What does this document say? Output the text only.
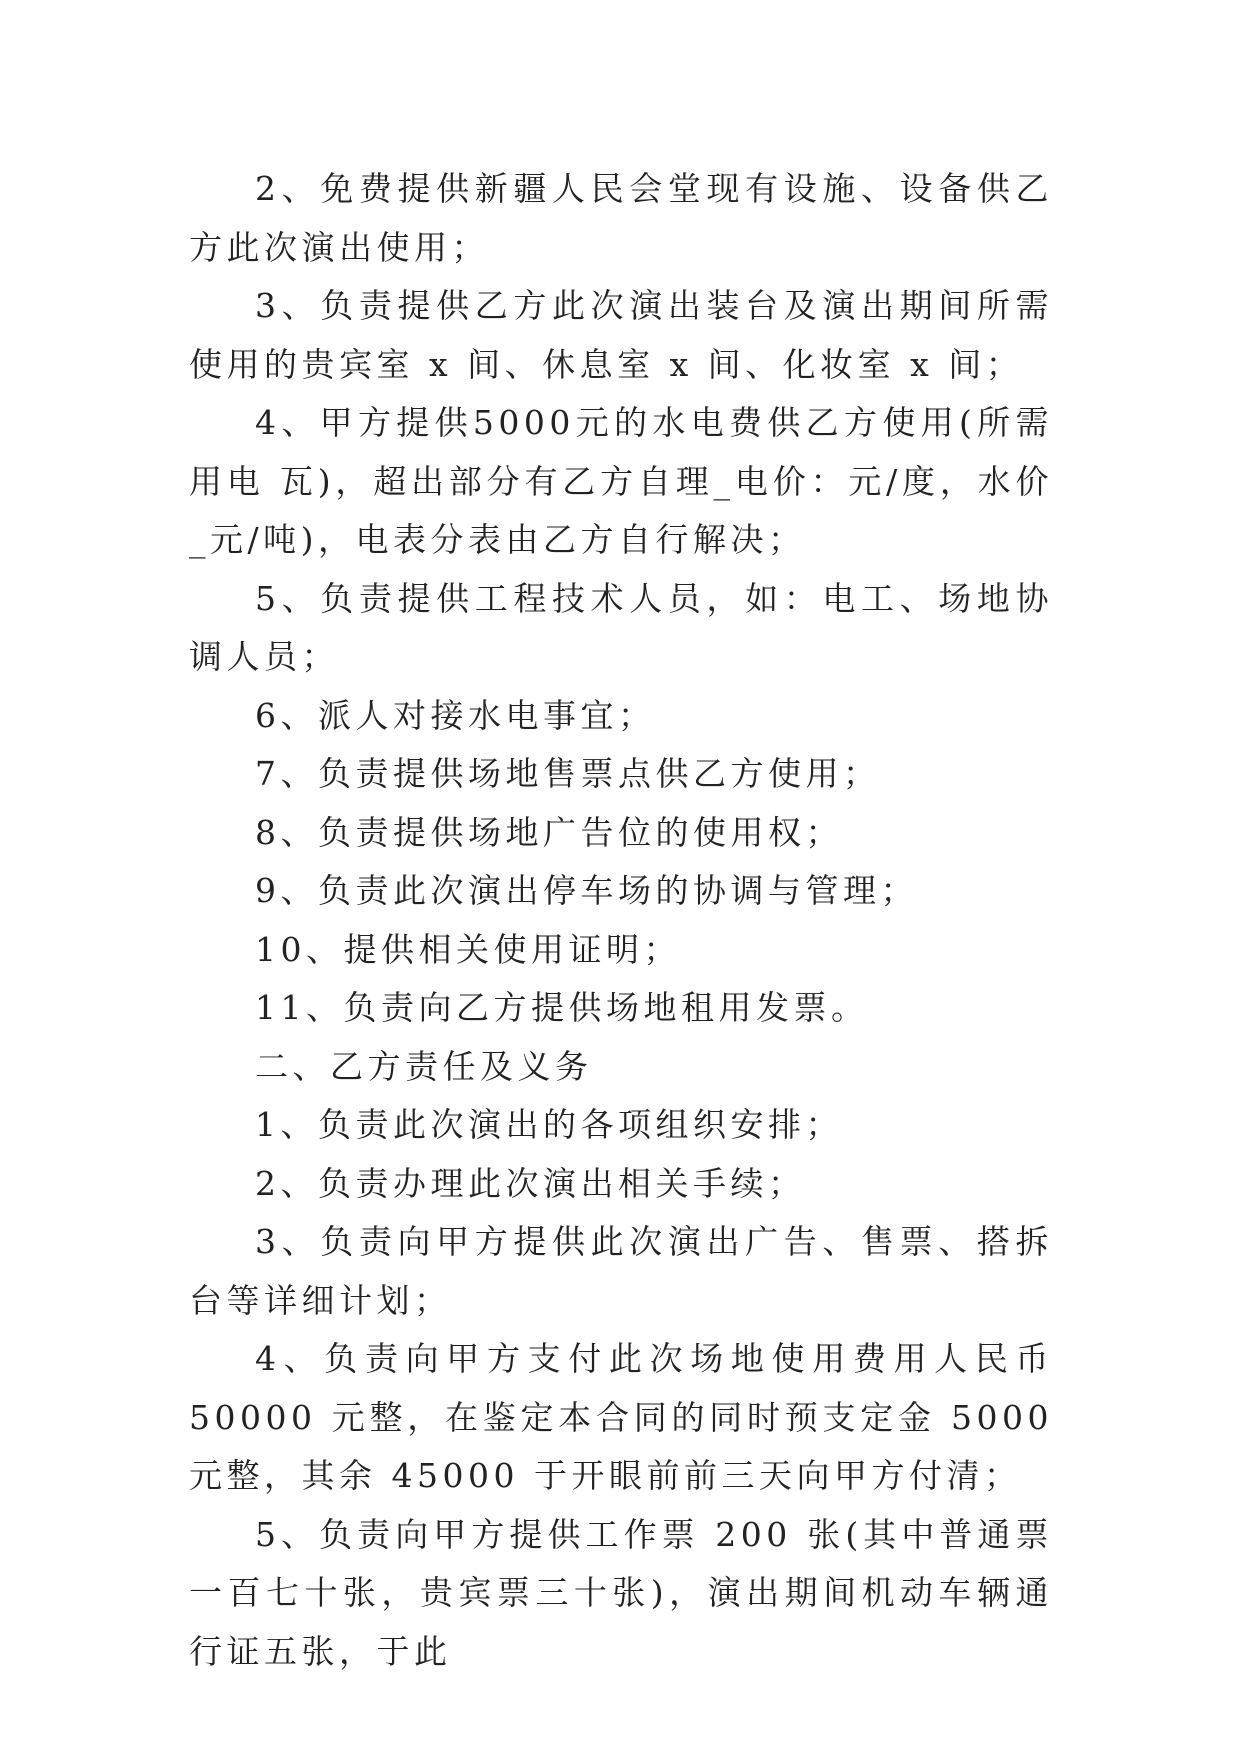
2、免费提供新疆人民会堂现有设施、设备供乙方此次演出使用；

3、负责提供乙方此次演出装台及演出期间所需使用的贵宾室 x 间、休息室 x 间、化妆室 x 间；

4、甲方提供5000元的水电费供乙方使用(所需用电 瓦)，超出部分有乙方自理_电价：元/度，水价_元/吨)，电表分表由乙方自行解决；

5、负责提供工程技术人员，如：电工、场地协调人员；

6、派人对接水电事宜；

7、负责提供场地售票点供乙方使用；

8、负责提供场地广告位的使用权；

9、负责此次演出停车场的协调与管理；

10、提供相关使用证明；

11、负责向乙方提供场地租用发票。

二、乙方责任及义务

1、负责此次演出的各项组织安排；

2、负责办理此次演出相关手续；

3、负责向甲方提供此次演出广告、售票、搭拆台等详细计划；

4、负责向甲方支付此次场地使用费用人民币 50000 元整，在鉴定本合同的同时预支定金 5000 元整，其余 45000 于开眼前前三天向甲方付清；

5、负责向甲方提供工作票 200 张(其中普通票一百七十张，贵宾票三十张)，演出期间机动车辆通行证五张，于此
